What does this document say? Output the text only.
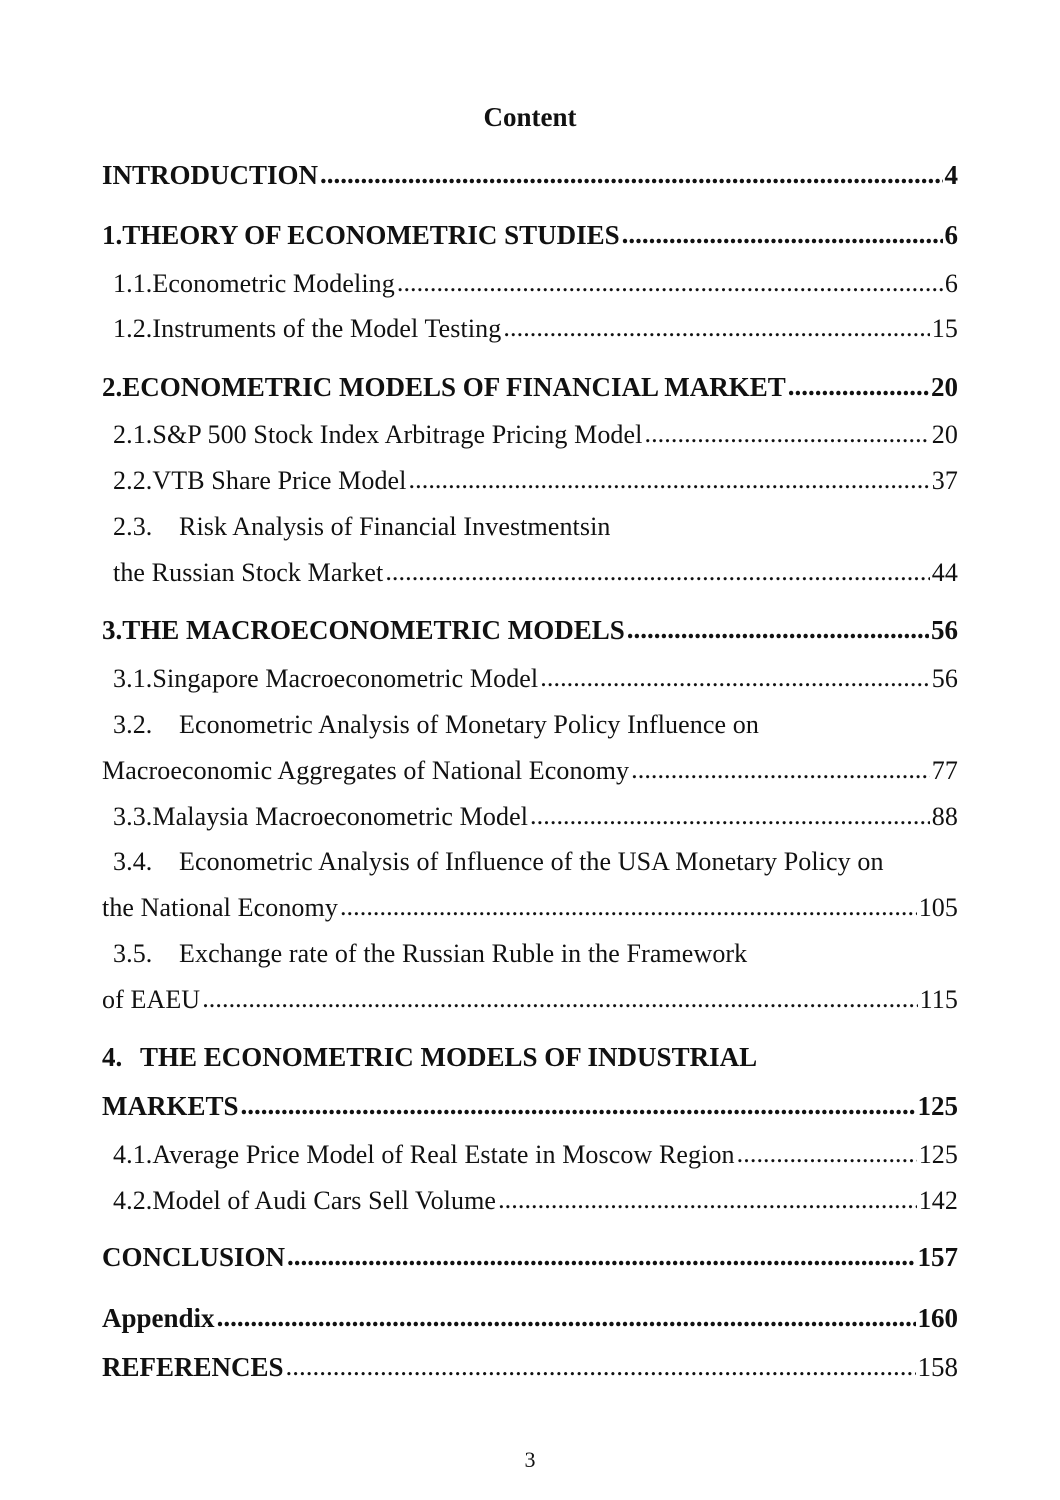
Content
INTRODUCTION .....	4
1. THEORY OF ECONOMETRIC STUDIES .....	6
1.1. Econometric Modeling .....	6
1.2. Instruments of the Model Testing .....	15
2. ECONOMETRIC MODELS OF FINANCIAL MARKET .....	20
2.1. S&P 500 Stock Index Arbitrage Pricing Model .....	20
2.2. VTB Share Price Model .....	37
2.3.	Risk Analysis of Financial Investmentsin
the Russian Stock Market .....	44
3. THE MACROECONOMETRIC MODELS .....	56
3.1. Singapore Macroeconometric Model .....	56
3.2.	Econometric Analysis of Monetary Policy Influence on
Macroeconomic Aggregates of National Economy .....	77
3.3. Malaysia Macroeconometric Model .....	88
3.4.	Econometric Analysis of Influence of the USA Monetary Policy on
the National Economy .....	105
3.5.	Exchange rate of the Russian Ruble in the Framework
of EAEU .....	115
4. THE ECONOMETRIC MODELS OF INDUSTRIAL
MARKETS .....	125
4.1. Average Price Model of Real Estate in Moscow Region .....	125
4.2. Model of Audi Cars Sell Volume .....	142
CONCLUSION .....	157
Appendix .....	160
REFERENCES .....	158
3
